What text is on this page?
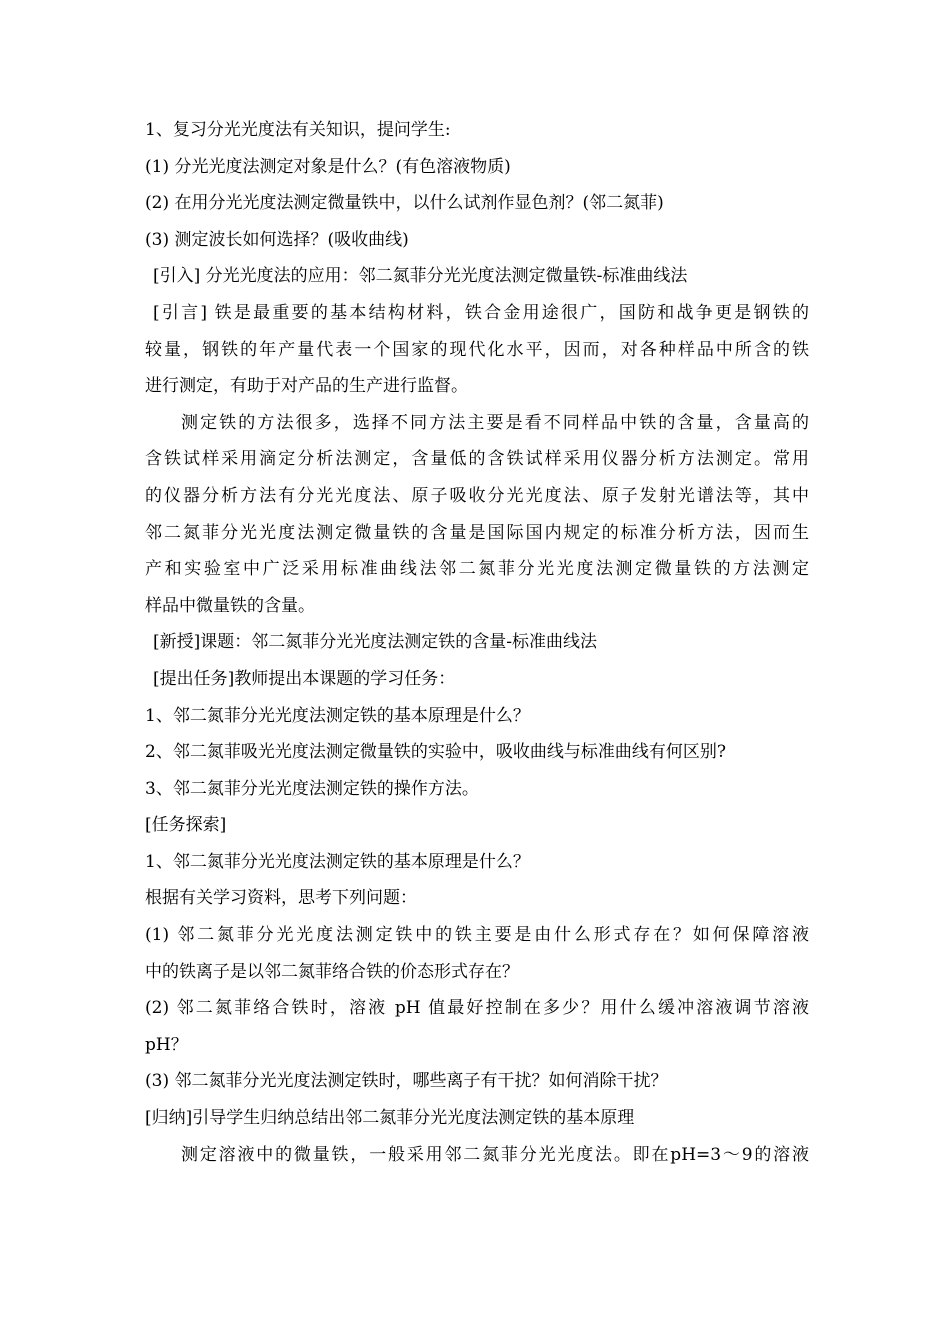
1、复习分光光度法有关知识，提问学生:
(1) 分光光度法测定对象是什么？(有色溶液物质)
(2) 在用分光光度法测定微量铁中，以什么试剂作显色剂？(邻二氮菲)
(3) 测定波长如何选择？(吸收曲线)
[引入] 分光光度法的应用：邻二氮菲分光光度法测定微量铁-标准曲线法
[引言] 铁是最重要的基本结构材料，铁合金用途很广，国防和战争更是钢铁的
较量，钢铁的年产量代表一个国家的现代化水平，因而，对各种样品中所含的铁
进行测定，有助于对产品的生产进行监督。
测定铁的方法很多，选择不同方法主要是看不同样品中铁的含量，含量高的
含铁试样采用滴定分析法测定，含量低的含铁试样采用仪器分析方法测定。常用
的仪器分析方法有分光光度法、原子吸收分光光度法、原子发射光谱法等，其中
邻二氮菲分光光度法测定微量铁的含量是国际国内规定的标准分析方法，因而生
产和实验室中广泛采用标准曲线法邻二氮菲分光光度法测定微量铁的方法测定
样品中微量铁的含量。
[新授]课题：邻二氮菲分光光度法测定铁的含量-标准曲线法
[提出任务]教师提出本课题的学习任务：
1、邻二氮菲分光光度法测定铁的基本原理是什么？
2、邻二氮菲吸光光度法测定微量铁的实验中，吸收曲线与标准曲线有何区别?
3、邻二氮菲分光光度法测定铁的操作方法。
[任务探索]
1、邻二氮菲分光光度法测定铁的基本原理是什么？
根据有关学习资料，思考下列问题：
(1) 邻二氮菲分光光度法测定铁中的铁主要是由什么形式存在？如何保障溶液
中的铁离子是以邻二氮菲络合铁的价态形式存在？
(2) 邻二氮菲络合铁时，溶液 pH 值最好控制在多少？用什么缓冲溶液调节溶液
pH？
(3) 邻二氮菲分光光度法测定铁时，哪些离子有干扰？如何消除干扰？
[归纳]引导学生归纳总结出邻二氮菲分光光度法测定铁的基本原理
测定溶液中的微量铁，一般采用邻二氮菲分光光度法。即在pH=3～9的溶液
